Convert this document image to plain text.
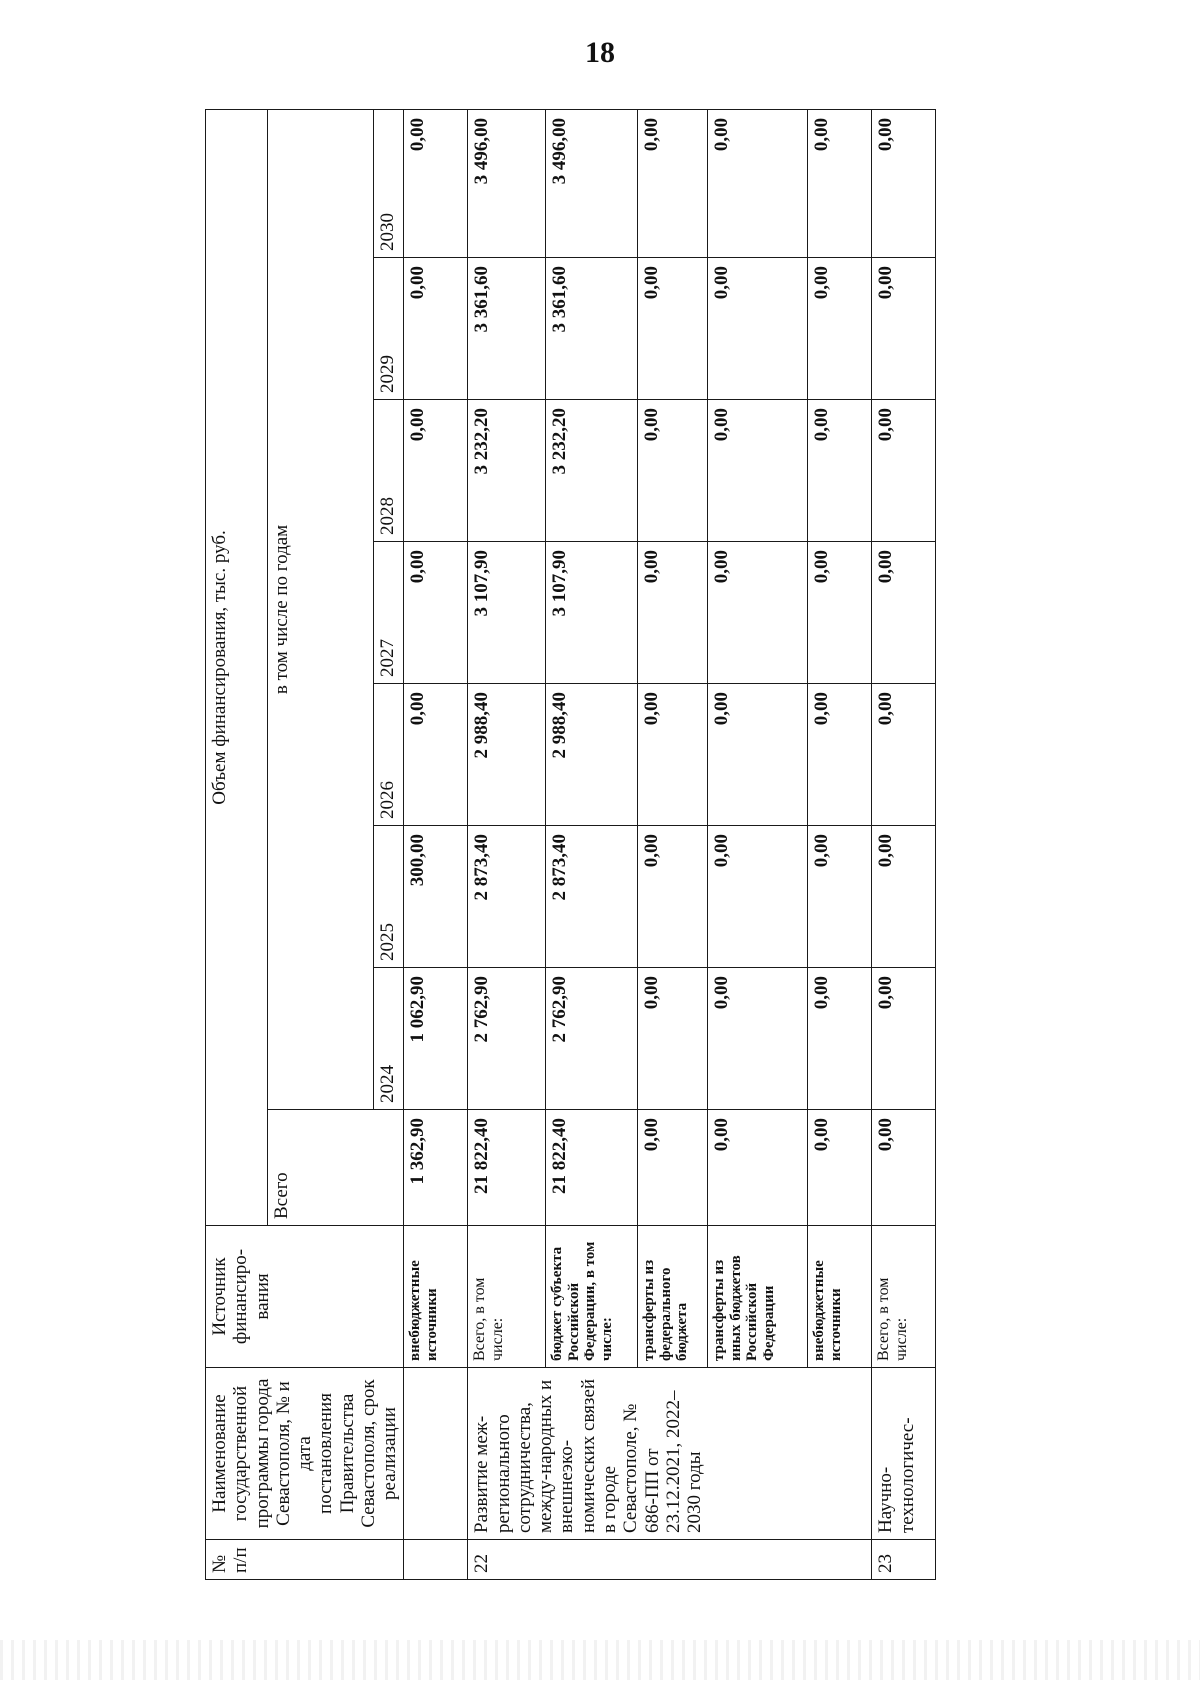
18
№ п/п	Наименование государственной программы города Севастополя, № и дата постановления Правительства Севастополя, срок реализации	Источник финансиро-вания	Объем финансирования, тыс. руб.							
			Всего	в том числе по годам						
				2024	2025	2026	2027	2028	2029	2030
		внебюджетные источники	1 362,90	1 062,90	300,00	0,00	0,00	0,00	0,00	0,00
22	Развитие меж-регионального сотрудничества, между-народных и внешнеэко-номических связей в городе Севастополе, № 686-ПП от 23.12.2021, 2022–2030 годы	Всего, в том числе:	21 822,40	2 762,90	2 873,40	2 988,40	3 107,90	3 232,20	3 361,60	3 496,00
		бюджет субъекта Российской Федерации, в том числе:	21 822,40	2 762,90	2 873,40	2 988,40	3 107,90	3 232,20	3 361,60	3 496,00
		трансферты из федерального бюджета	0,00	0,00	0,00	0,00	0,00	0,00	0,00	0,00
		трансферты из иных бюджетов Российской Федерации	0,00	0,00	0,00	0,00	0,00	0,00	0,00	0,00
		внебюджетные источники	0,00	0,00	0,00	0,00	0,00	0,00	0,00	0,00
23	Научно-технологичес-	Всего, в том числе:	0,00	0,00	0,00	0,00	0,00	0,00	0,00	0,00
